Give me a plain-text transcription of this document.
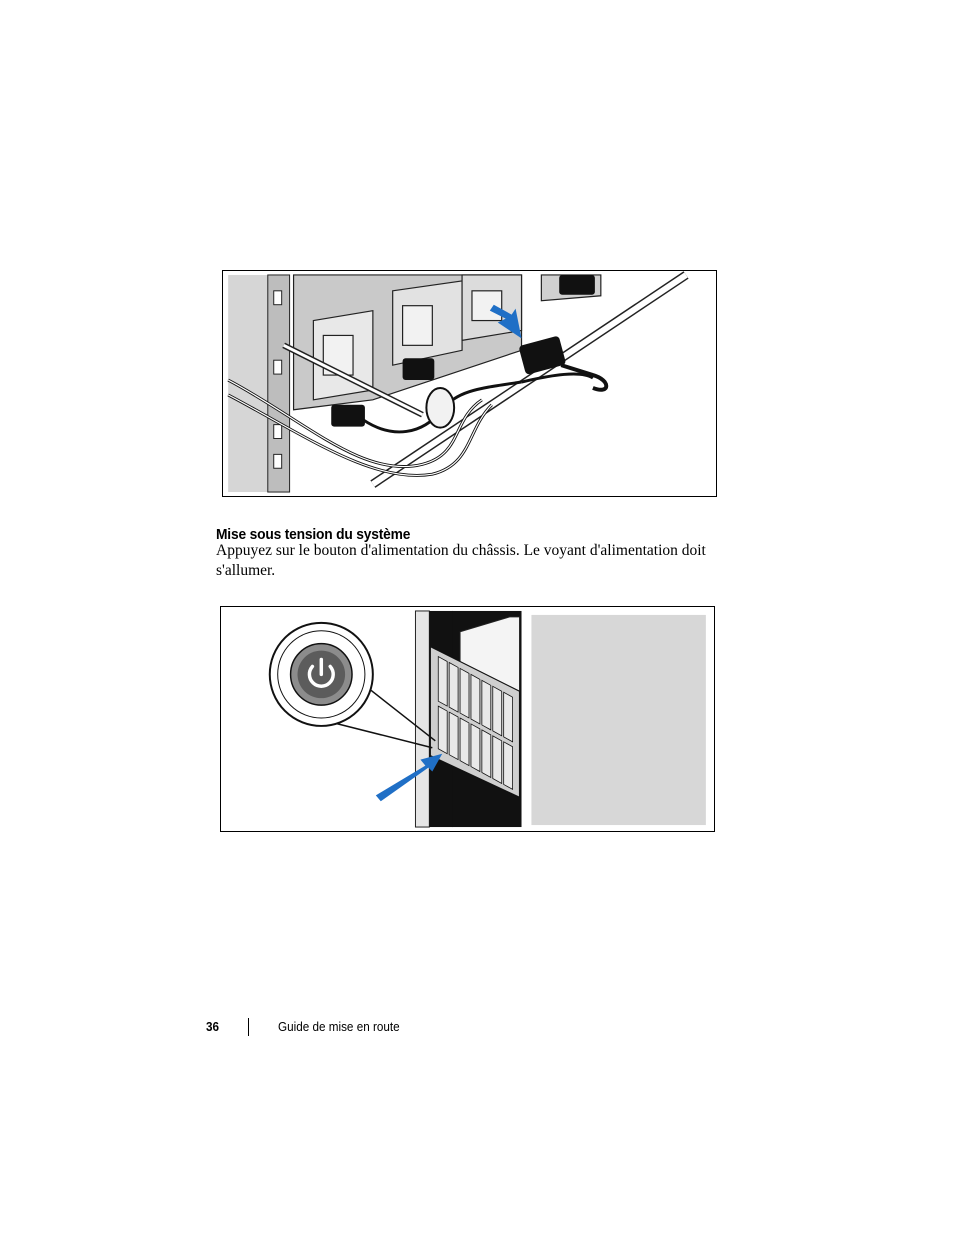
Mise sous tension du système

Appuyez sur le bouton d'alimentation du châssis. Le voyant d'alimentation doit s'allumer.

36	Guide de mise en route
